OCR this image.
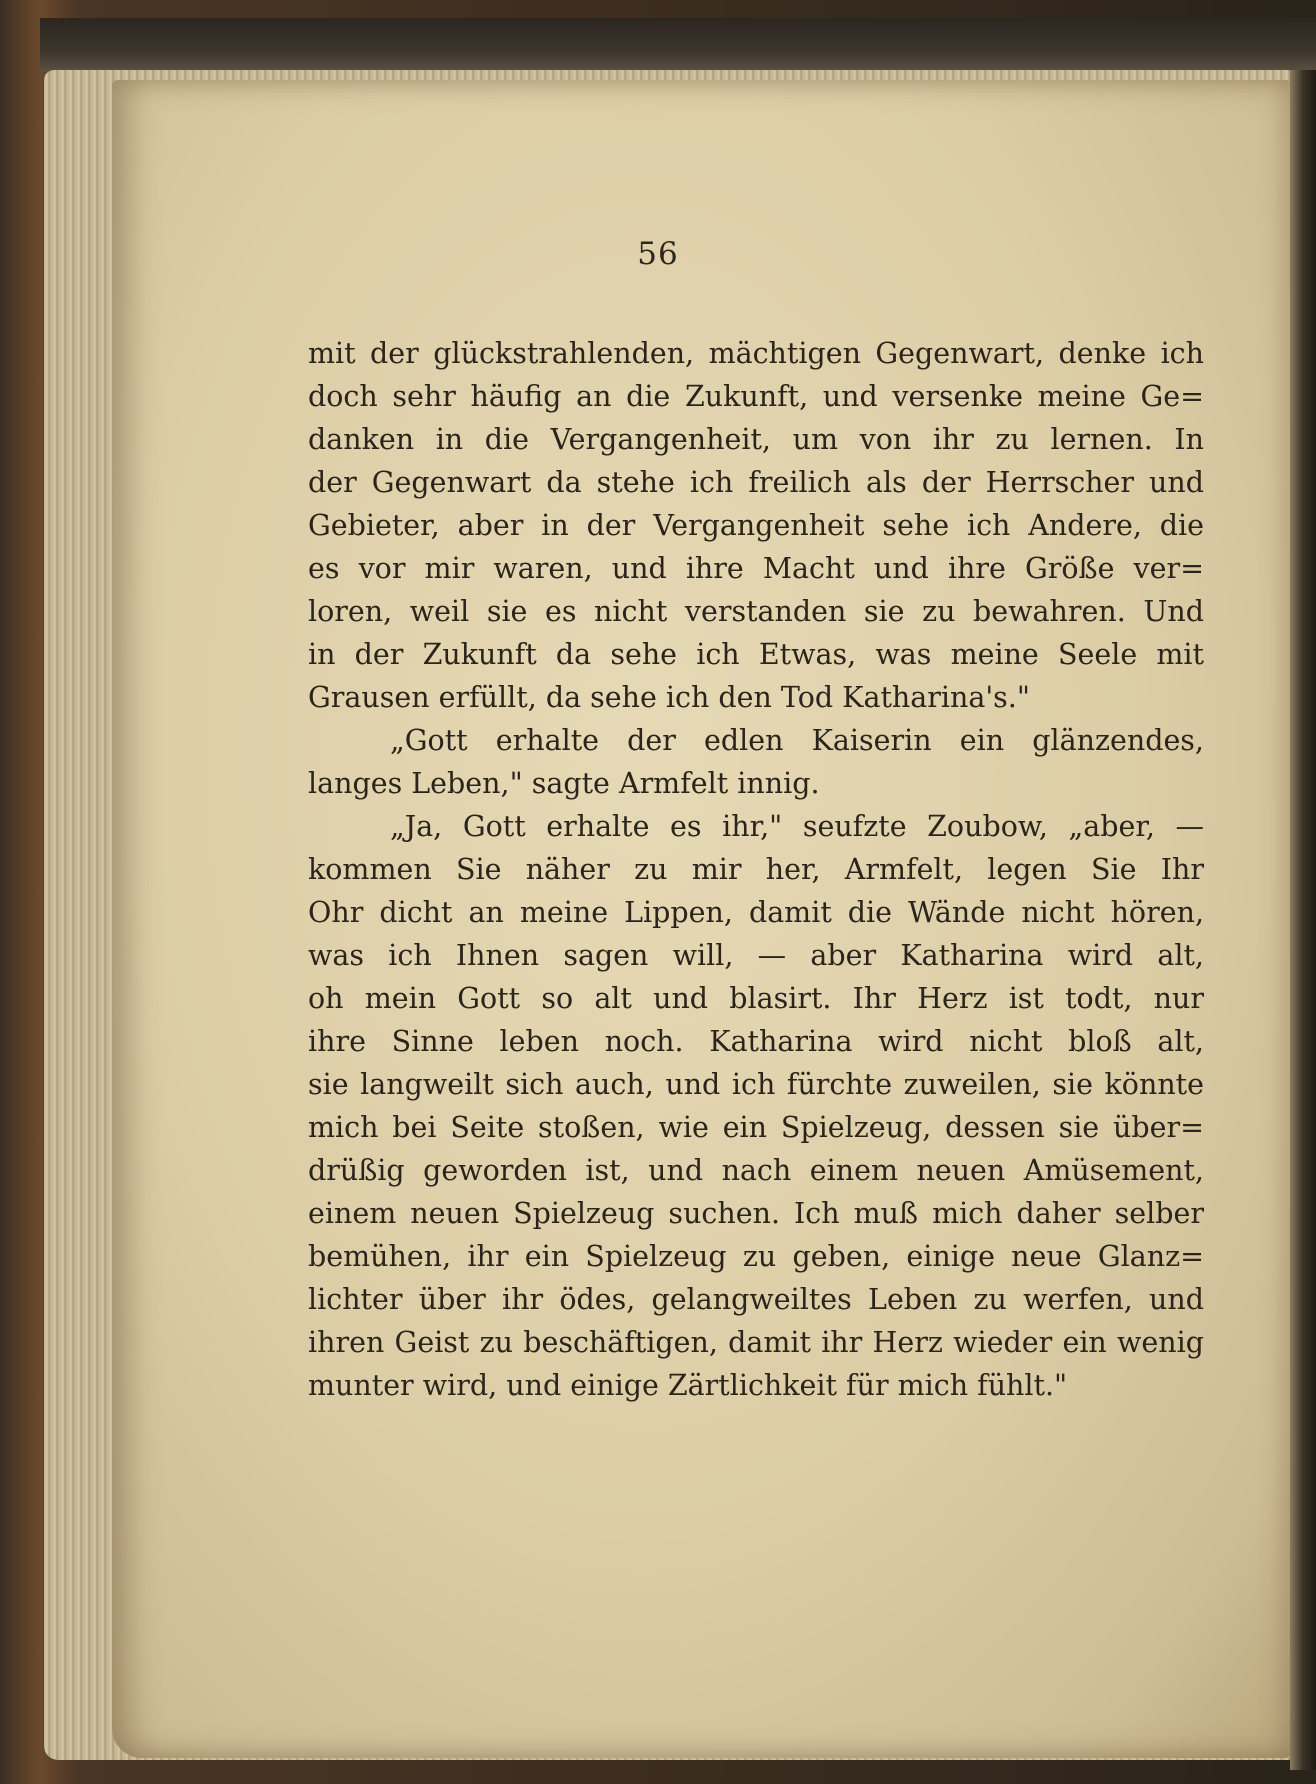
56
mit der glückstrahlenden, mächtigen Gegenwart, denke ich
doch sehr häufig an die Zukunft, und versenke meine Ge=
danken in die Vergangenheit, um von ihr zu lernen. In
der Gegenwart da stehe ich freilich als der Herrscher und
Gebieter, aber in der Vergangenheit sehe ich Andere, die
es vor mir waren, und ihre Macht und ihre Größe ver=
loren, weil sie es nicht verstanden sie zu bewahren. Und
in der Zukunft da sehe ich Etwas, was meine Seele mit
Grausen erfüllt, da sehe ich den Tod Katharina's."
„Gott erhalte der edlen Kaiserin ein glänzendes,
langes Leben," sagte Armfelt innig.
„Ja, Gott erhalte es ihr," seufzte Zoubow, „aber, —
kommen Sie näher zu mir her, Armfelt, legen Sie Ihr
Ohr dicht an meine Lippen, damit die Wände nicht hören,
was ich Ihnen sagen will, — aber Katharina wird alt,
oh mein Gott so alt und blasirt. Ihr Herz ist todt, nur
ihre Sinne leben noch. Katharina wird nicht bloß alt,
sie langweilt sich auch, und ich fürchte zuweilen, sie könnte
mich bei Seite stoßen, wie ein Spielzeug, dessen sie über=
drüßig geworden ist, und nach einem neuen Amüsement,
einem neuen Spielzeug suchen. Ich muß mich daher selber
bemühen, ihr ein Spielzeug zu geben, einige neue Glanz=
lichter über ihr ödes, gelangweiltes Leben zu werfen, und
ihren Geist zu beschäftigen, damit ihr Herz wieder ein wenig
munter wird, und einige Zärtlichkeit für mich fühlt."
